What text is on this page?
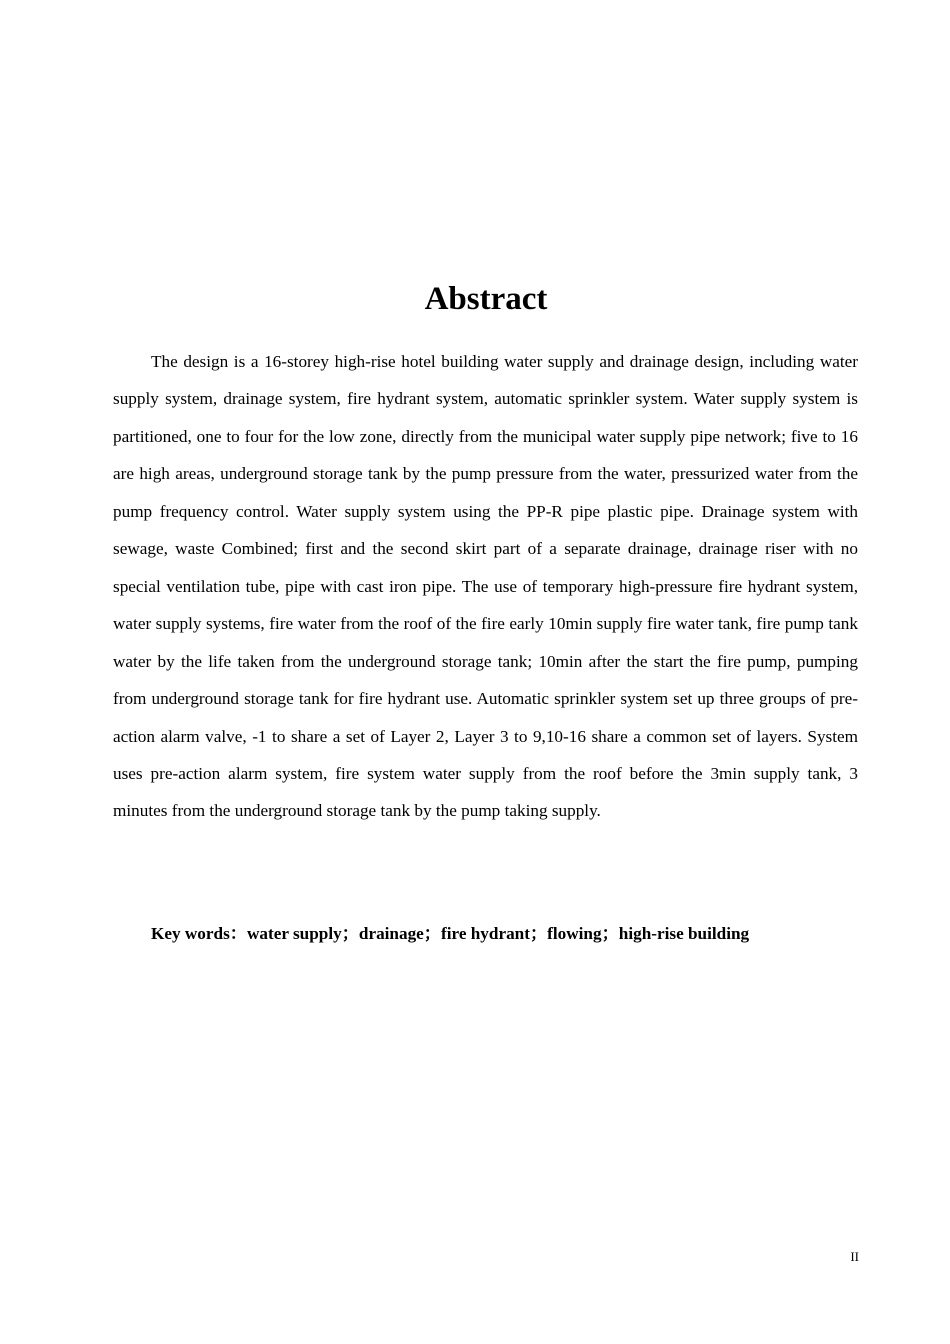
Abstract

The design is a 16-storey high-rise hotel building water supply and drainage design, including water supply system, drainage system, fire hydrant system, automatic sprinkler system. Water supply system is partitioned, one to four for the low zone, directly from the municipal water supply pipe network; five to 16 are high areas, underground storage tank by the pump pressure from the water, pressurized water from the pump frequency control. Water supply system using the PP-R pipe plastic pipe. Drainage system with sewage, waste Combined; first and the second skirt part of a separate drainage, drainage riser with no special ventilation tube, pipe with cast iron pipe. The use of temporary high-pressure fire hydrant system, water supply systems, fire water from the roof of the fire early 10min supply fire water tank, fire pump tank water by the life taken from the underground storage tank; 10min after the start the fire pump, pumping from underground storage tank for fire hydrant use. Automatic sprinkler system set up three groups of pre-action alarm valve, -1 to share a set of Layer 2, Layer 3 to 9,10-16 share a common set of layers. System uses pre-action alarm system, fire system water supply from the roof before the 3min supply tank, 3 minutes from the underground storage tank by the pump taking supply.

Key words：water supply；drainage；fire hydrant；flowing；high-rise building

II
